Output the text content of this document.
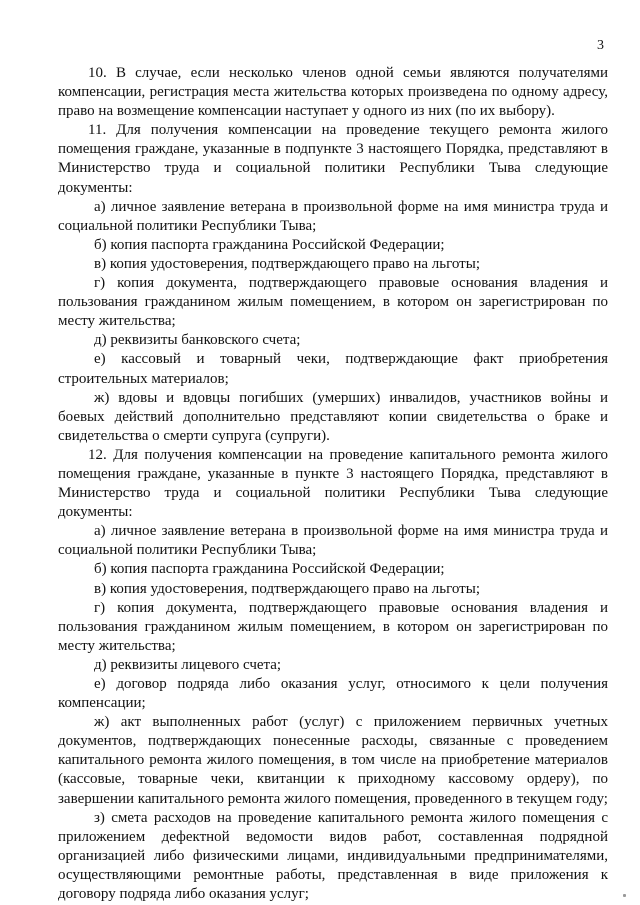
3

10. В случае, если несколько членов одной семьи являются получателями компенсации, регистрация места жительства которых произведена по одному адресу, право на возмещение компенсации наступает у одного из них (по их выбору).

11. Для получения компенсации на проведение текущего ремонта жилого помещения граждане, указанные в подпункте 3 настоящего Порядка, представляют в Министерство труда и социальной политики Республики Тыва следующие документы:

а) личное заявление ветерана в произвольной форме на имя министра труда и социальной политики Республики Тыва;

б) копия паспорта гражданина Российской Федерации;

в) копия удостоверения, подтверждающего право на льготы;

г) копия документа, подтверждающего правовые основания владения и пользования гражданином жилым помещением, в котором он зарегистрирован по месту жительства;

д) реквизиты банковского счета;

е) кассовый и товарный чеки, подтверждающие факт приобретения строительных материалов;

ж) вдовы и вдовцы погибших (умерших) инвалидов, участников войны и боевых действий дополнительно представляют копии свидетельства о браке и свидетельства о смерти супруга (супруги).

12. Для получения компенсации на проведение капитального ремонта жилого помещения граждане, указанные в пункте 3 настоящего Порядка, представляют в Министерство труда и социальной политики Республики Тыва следующие документы:

а) личное заявление ветерана в произвольной форме на имя министра труда и социальной политики Республики Тыва;

б) копия паспорта гражданина Российской Федерации;

в) копия удостоверения, подтверждающего право на льготы;

г) копия документа, подтверждающего правовые основания владения и пользования гражданином жилым помещением, в котором он зарегистрирован по месту жительства;

д) реквизиты лицевого счета;

е) договор подряда либо оказания услуг, относимого к цели получения компенсации;

ж) акт выполненных работ (услуг) с приложением первичных учетных документов, подтверждающих понесенные расходы, связанные с проведением капитального ремонта жилого помещения, в том числе на приобретение материалов (кассовые, товарные чеки, квитанции к приходному кассовому ордеру), по завершении капитального ремонта жилого помещения, проведенного в текущем году;

з) смета расходов на проведение капитального ремонта жилого помещения с приложением дефектной ведомости видов работ, составленная подрядной организацией либо физическими лицами, индивидуальными предпринимателями, осуществляющими ремонтные работы, представленная в виде приложения к договору подряда либо оказания услуг;
